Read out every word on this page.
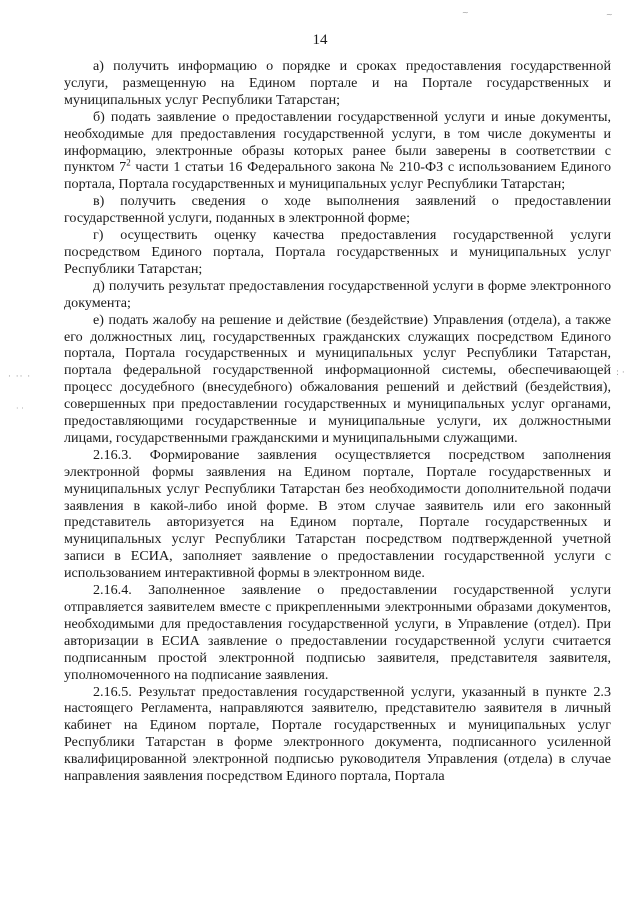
~	~
· ·· ·
· ·
: ·
14

а) получить информацию о порядке и сроках предоставления государственной услуги, размещенную на Едином портале и на Портале государственных и муниципальных услуг Республики Татарстан;

б) подать заявление о предоставлении государственной услуги и иные документы, необходимые для предоставления государственной услуги, в том числе документы и информацию, электронные образы которых ранее были заверены в соответствии с пунктом $7^2$ части 1 статьи 16 Федерального закона № 210-ФЗ с использованием Единого портала, Портала государственных и муниципальных услуг Республики Татарстан;

в) получить сведения о ходе выполнения заявлений о предоставлении государственной услуги, поданных в электронной форме;

г) осуществить оценку качества предоставления государственной услуги посредством Единого портала, Портала государственных и муниципальных услуг Республики Татарстан;

д) получить результат предоставления государственной услуги в форме электронного документа;

е) подать жалобу на решение и действие (бездействие) Управления (отдела), а также его должностных лиц, государственных гражданских служащих посредством Единого портала, Портала государственных и муниципальных услуг Республики Татарстан, портала федеральной государственной информационной системы, обеспечивающей процесс досудебного (внесудебного) обжалования решений и действий (бездействия), совершенных при предоставлении государственных и муниципальных услуг органами, предоставляющими государственные и муниципальные услуги, их должностными лицами, государственными гражданскими и муниципальными служащими.

2.16.3. Формирование заявления осуществляется посредством заполнения электронной формы заявления на Едином портале, Портале государственных и муниципальных услуг Республики Татарстан без необходимости дополнительной подачи заявления в какой-либо иной форме. В этом случае заявитель или его законный представитель авторизуется на Едином портале, Портале государственных и муниципальных услуг Республики Татарстан посредством подтвержденной учетной записи в ЕСИА, заполняет заявление о предоставлении государственной услуги с использованием интерактивной формы в электронном виде.

2.16.4. Заполненное заявление о предоставлении государственной услуги отправляется заявителем вместе с прикрепленными электронными образами документов, необходимыми для предоставления государственной услуги, в Управление (отдел). При авторизации в ЕСИА заявление о предоставлении государственной услуги считается подписанным простой электронной подписью заявителя, представителя заявителя, уполномоченного на подписание заявления.

2.16.5. Результат предоставления государственной услуги, указанный в пункте 2.3 настоящего Регламента, направляются заявителю, представителю заявителя в личный кабинет на Едином портале, Портале государственных и муниципальных услуг Республики Татарстан в форме электронного документа, подписанного усиленной квалифицированной электронной подписью руководителя Управления (отдела) в случае направления заявления посредством Единого портала, Портала
